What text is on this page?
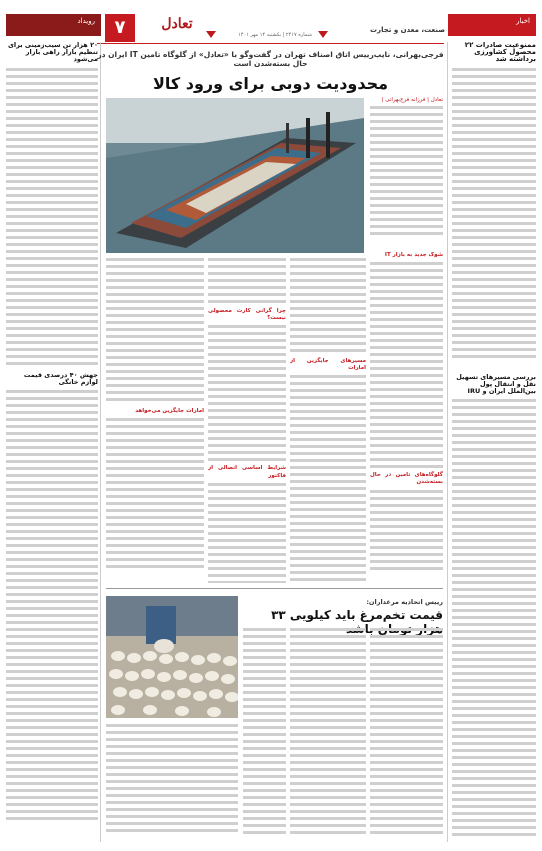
رویداد	۷	تعادل	صنعت، معدن و تجارت
شماره ۲۴۱۷ | یکشنبه ۱۴ مهر ۱۴۰۱
اخبار
ممنوعیت صادرات ۲۲ محصول کشاورزی برداشته شد
بررسی مسیرهای تسهیل نقل و انتقال پول بین‌الملل ایران و IRU
۲۰ هزار تن سیب‌زمینی برای تنظیم بازار راهی بازار می‌شود
جهش ۴۰ درصدی قیمت لوازم خانگی
فرجی‌بهرانی، نایب‌رییس اتاق اصناف تهران در گفت‌وگو با «تعادل» از گلوگاه تامین IT ایران در حال بسته‌شدن است
محدودیت دوبی برای ورود کالا
تعادل | فرزانه فرج‌بهرانی |
شوک جدید به بازار IT
گلوگاه‌های تامین در حال بسته‌شدن
مسیرهای جایگزین از امارات
چرا گرانی کارت محصولی نیست؟
شرایط اساسی اتصالی از فاکتور
امارات جایگزین می‌خواهد
رییس اتحادیه مرغداران:
قیمت تخم‌مرغ باید کیلویی ۳۳
